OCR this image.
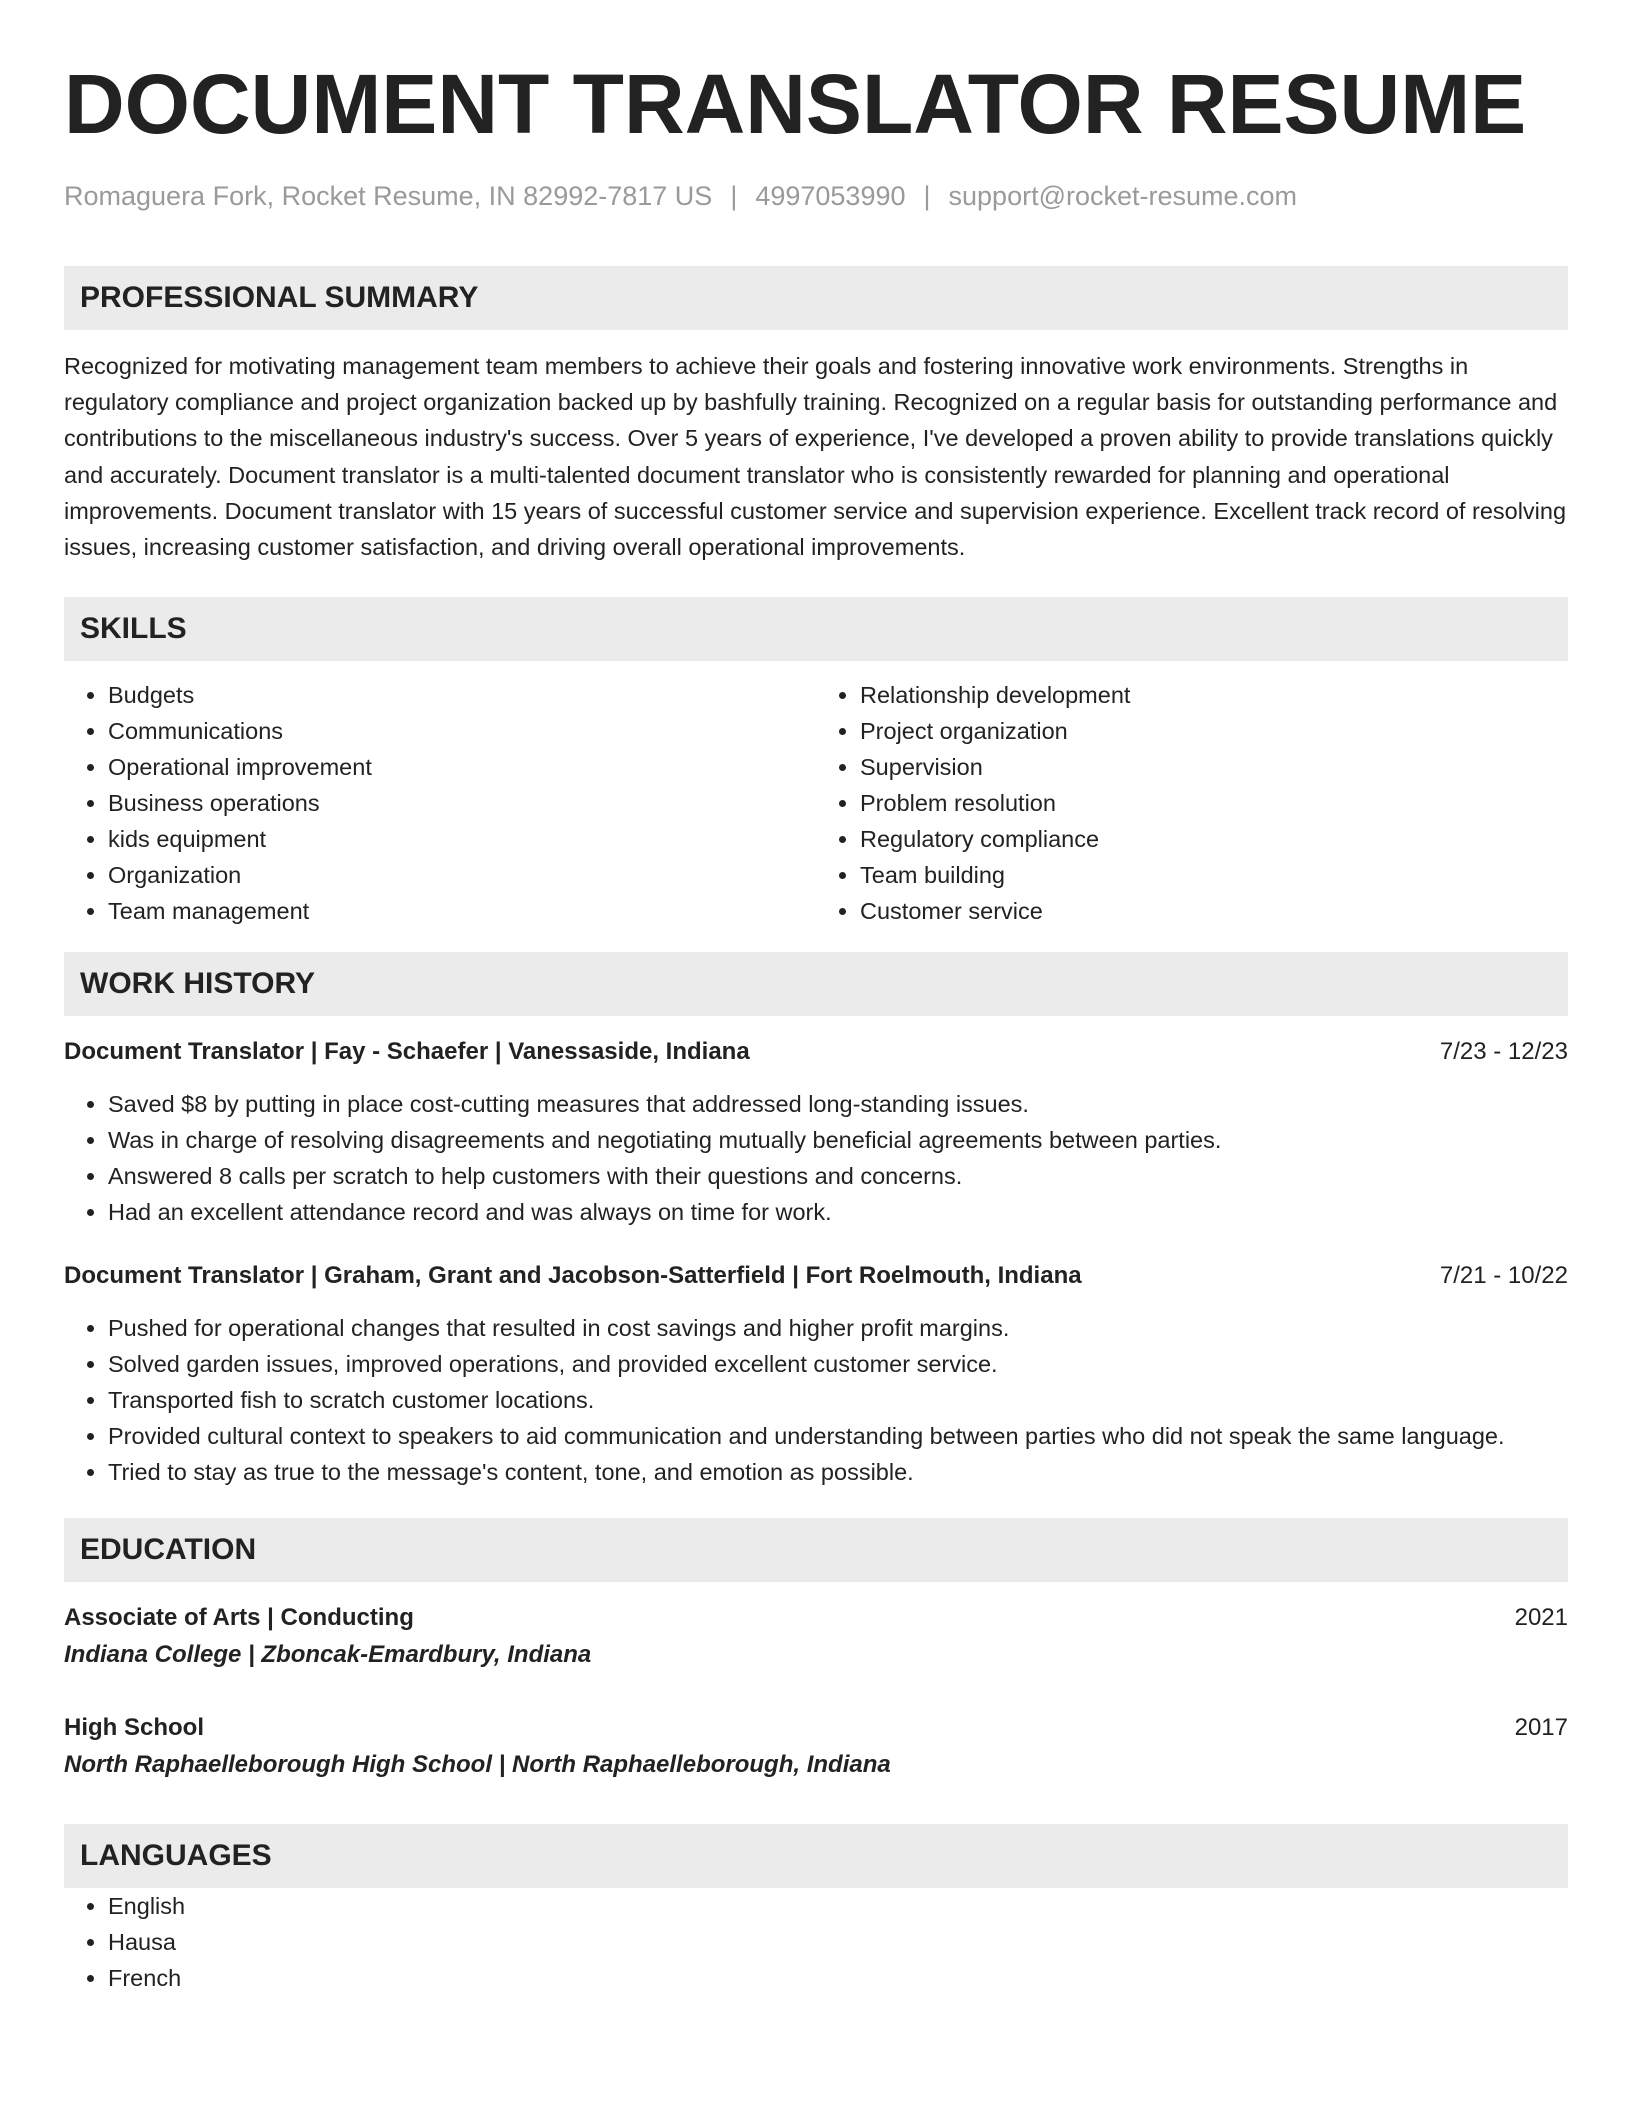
DOCUMENT TRANSLATOR RESUME
Romaguera Fork, Rocket Resume, IN 82992-7817 US | 4997053990 | support@rocket-resume.com
PROFESSIONAL SUMMARY

Recognized for motivating management team members to achieve their goals and fostering innovative work environments. Strengths in regulatory compliance and project organization backed up by bashfully training. Recognized on a regular basis for outstanding performance and contributions to the miscellaneous industry's success. Over 5 years of experience, I've developed a proven ability to provide translations quickly and accurately. Document translator is a multi-talented document translator who is consistently rewarded for planning and operational improvements. Document translator with 15 years of successful customer service and supervision experience. Excellent track record of resolving issues, increasing customer satisfaction, and driving overall operational improvements.

SKILLS
• Budgets
• Communications
• Operational improvement
• Business operations
• kids equipment
• Organization
• Team management
• Relationship development
• Project organization
• Supervision
• Problem resolution
• Regulatory compliance
• Team building
• Customer service
WORK HISTORY
Document Translator | Fay - Schaefer | Vanessaside, Indiana	7/23 - 12/23
• Saved $8 by putting in place cost-cutting measures that addressed long-standing issues.
• Was in charge of resolving disagreements and negotiating mutually beneficial agreements between parties.
• Answered 8 calls per scratch to help customers with their questions and concerns.
• Had an excellent attendance record and was always on time for work.
Document Translator | Graham, Grant and Jacobson-Satterfield | Fort Roelmouth, Indiana	7/21 - 10/22
• Pushed for operational changes that resulted in cost savings and higher profit margins.
• Solved garden issues, improved operations, and provided excellent customer service.
• Transported fish to scratch customer locations.
• Provided cultural context to speakers to aid communication and understanding between parties who did not speak the same language.
• Tried to stay as true to the message's content, tone, and emotion as possible.
EDUCATION
Associate of Arts | Conducting	2021
Indiana College | Zboncak-Emardbury, Indiana
High School	2017
North Raphaelleborough High School | North Raphaelleborough, Indiana
LANGUAGES
• English
• Hausa
• French
